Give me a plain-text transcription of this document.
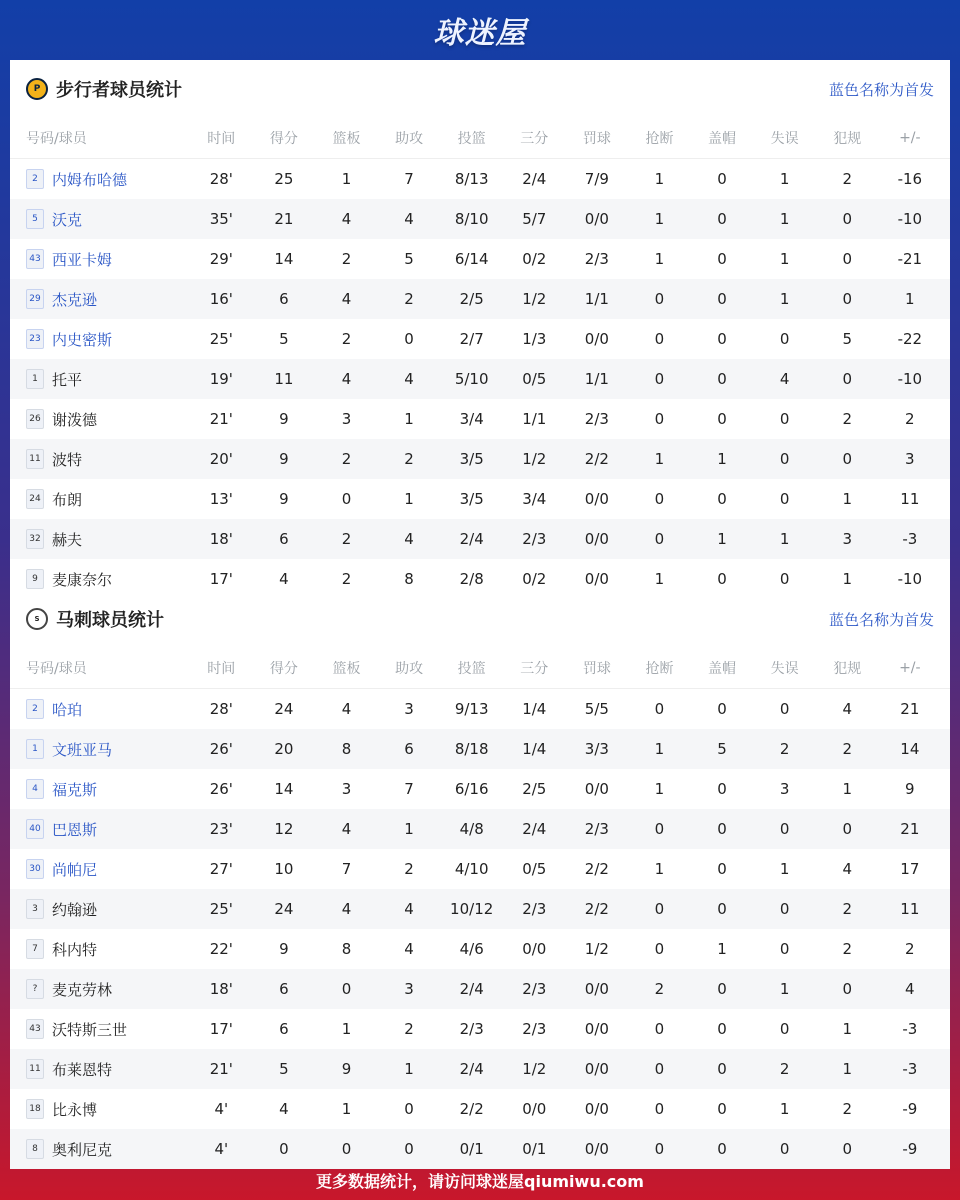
球迷屋
P 步行者球员统计	蓝色名称为首发
号码/球员	时间	得分	篮板	助攻	投篮	三分	罚球	抢断	盖帽	失误	犯规	+/-
2 内姆布哈德	28'	25	1	7	8/13	2/4	7/9	1	0	1	2	-16
5 沃克	35'	21	4	4	8/10	5/7	0/0	1	0	1	0	-10
43 西亚卡姆	29'	14	2	5	6/14	0/2	2/3	1	0	1	0	-21
29 杰克逊	16'	6	4	2	2/5	1/2	1/1	0	0	1	0	1
23 内史密斯	25'	5	2	0	2/7	1/3	0/0	0	0	0	5	-22
1 托平	19'	11	4	4	5/10	0/5	1/1	0	0	4	0	-10
26 谢泼德	21'	9	3	1	3/4	1/1	2/3	0	0	0	2	2
11 波特	20'	9	2	2	3/5	1/2	2/2	1	1	0	0	3
24 布朗	13'	9	0	1	3/5	3/4	0/0	0	0	0	1	11
32 赫夫	18'	6	2	4	2/4	2/3	0/0	0	1	1	3	-3
9 麦康奈尔	17'	4	2	8	2/8	0/2	0/0	1	0	0	1	-10
S 马刺球员统计	蓝色名称为首发
号码/球员	时间	得分	篮板	助攻	投篮	三分	罚球	抢断	盖帽	失误	犯规	+/-
2 哈珀	28'	24	4	3	9/13	1/4	5/5	0	0	0	4	21
1 文班亚马	26'	20	8	6	8/18	1/4	3/3	1	5	2	2	14
4 福克斯	26'	14	3	7	6/16	2/5	0/0	1	0	3	1	9
40 巴恩斯	23'	12	4	1	4/8	2/4	2/3	0	0	0	0	21
30 尚帕尼	27'	10	7	2	4/10	0/5	2/2	1	0	1	4	17
3 约翰逊	25'	24	4	4	10/12	2/3	2/2	0	0	0	2	11
7 科内特	22'	9	8	4	4/6	0/0	1/2	0	1	0	2	2
? 麦克劳林	18'	6	0	3	2/4	2/3	0/0	2	0	1	0	4
43 沃特斯三世	17'	6	1	2	2/3	2/3	0/0	0	0	0	1	-3
11 布莱恩特	21'	5	9	1	2/4	1/2	0/0	0	0	2	1	-3
18 比永博	4'	4	1	0	2/2	0/0	0/0	0	0	1	2	-9
8 奥利尼克	4'	0	0	0	0/1	0/1	0/0	0	0	0	0	-9
更多数据统计，请访问球迷屋qiumiwu.com
